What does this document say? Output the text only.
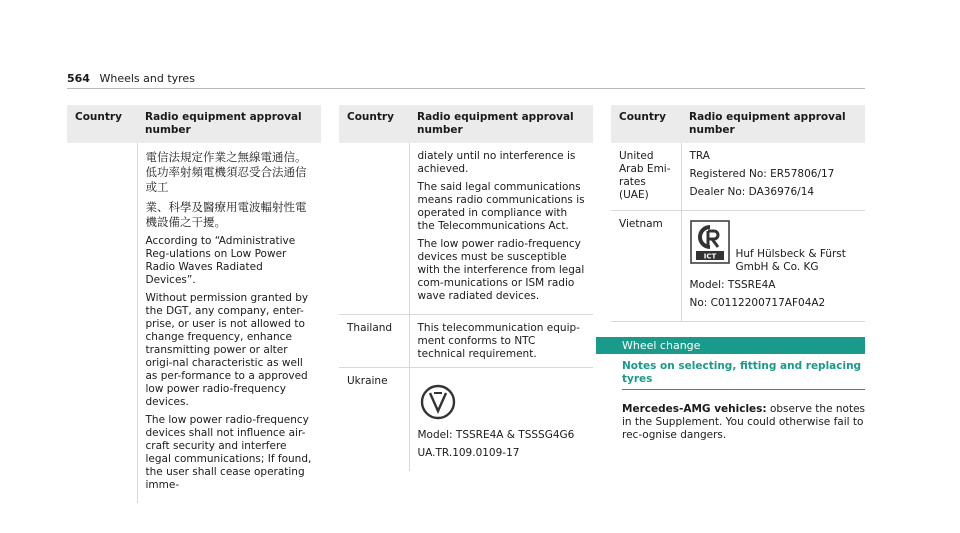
564 Wheels and tyres
Country	Radio equipment approval number

	電信法規定作業之無線電通信。低功率射頻電機須忍受合法通信或工

業、科學及醫療用電波輻射性電機設備之干擾。

According to “Administrative Reg-ulations on Low Power Radio Waves Radiated Devices”.

Without permission granted by the DGT, any company, enter-prise, or user is not allowed to change frequency, enhance transmitting power or alter origi-nal characteristic as well as per-formance to a approved low power radio-frequency devices.

The low power radio-frequency devices shall not influence air-craft security and interfere legal communications; If found, the user shall cease operating imme-

Country	Radio equipment approval number

	diately until no interference is achieved.

The said legal communications means radio communications is operated in compliance with the Telecommunications Act.

The low power radio-frequency devices must be susceptible with the interference from legal com-munications or ISM radio wave radiated devices.

Thailand	This telecommunication equip-ment conforms to NTC technical requirement.
Ukraine	Model: TSSRE4A & TSSSG4G6

UA.TR.109.0109-17

Country	Radio equipment approval number
United Arab Emi-rates (UAE)	TRA

Registered No: ER57806/17

Dealer No: DA36976/14

Vietnam	ICT Huf Hülsbeck & Fürst GmbH & Co. KG

Model: TSSRE4A

No: C0112200717AF04A2

Wheel change
Notes on selecting, fitting and replacing tyres
Mercedes-AMG vehicles: observe the notes in the Supplement. You could otherwise fail to rec-ognise dangers.
